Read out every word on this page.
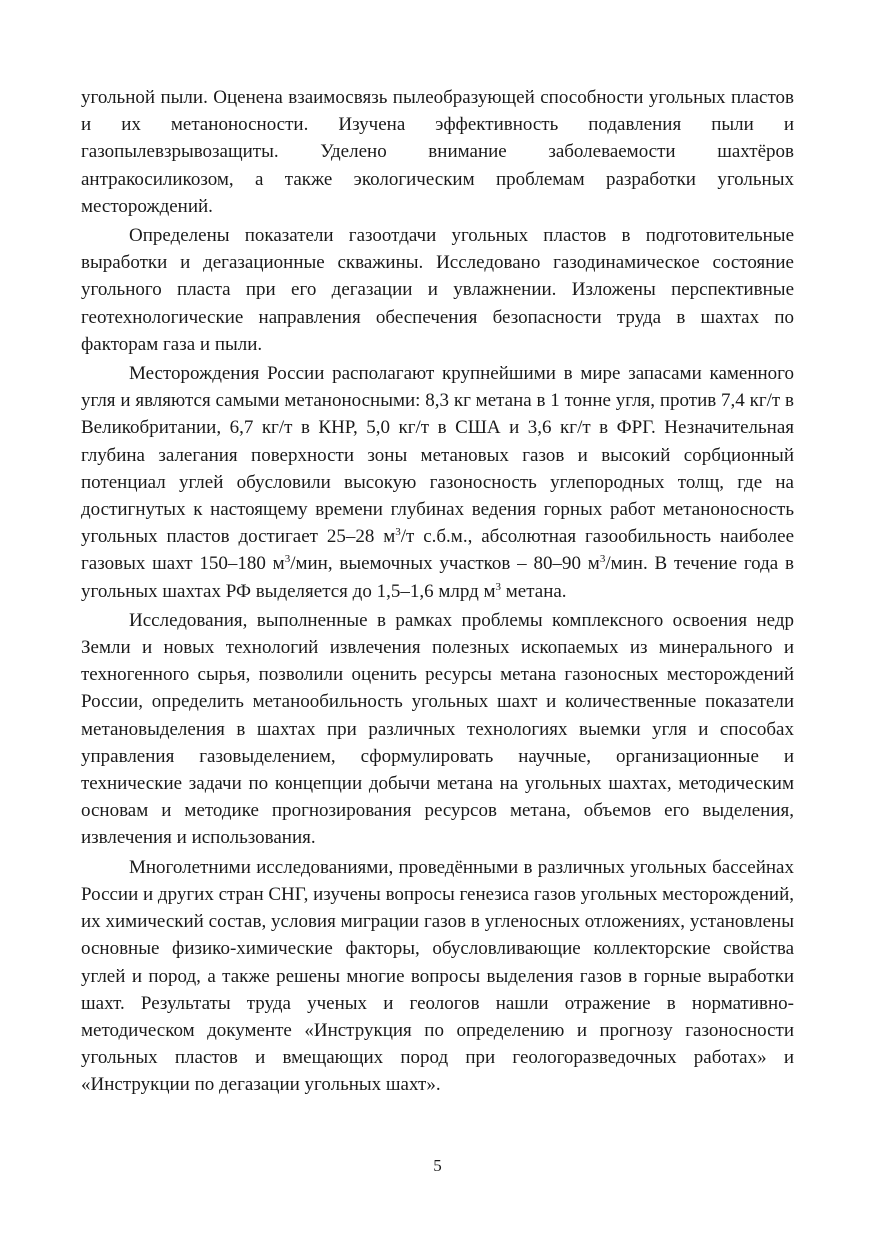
угольной пыли. Оценена взаимосвязь пылеобразующей способности угольных пластов и их метаноносности. Изучена эффективность подавления пыли и газопылевзрывозащиты. Уделено внимание заболеваемости шахтёров антракосиликозом, а также экологическим проблемам разработки угольных месторождений.

Определены показатели газоотдачи угольных пластов в подготовительные выработки и дегазационные скважины. Исследовано газодинамическое состояние угольного пласта при его дегазации и увлажнении. Изложены перспективные геотехнологические направления обеспечения безопасности труда в шахтах по факторам газа и пыли.

Месторождения России располагают крупнейшими в мире запасами каменного угля и являются самыми метаноносными: 8,3 кг метана в 1 тонне угля, против 7,4 кг/т в Великобритании, 6,7 кг/т в КНР, 5,0 кг/т в США и 3,6 кг/т в ФРГ. Незначительная глубина залегания поверхности зоны метановых газов и высокий сорбционный потенциал углей обусловили высокую газоносность углепородных толщ, где на достигнутых к настоящему времени глубинах ведения горных работ метаноносность угольных пластов достигает 25–28 $м^3/т$ с.б.м., абсолютная газообильность наиболее газовых шахт 150–180 $м^3$/мин, выемочных участков – 80–90 $м^3$/мин. В течение года в угольных шахтах РФ выделяется до 1,5–1,6 млрд $м^3$ метана.

Исследования, выполненные в рамках проблемы комплексного освоения недр Земли и новых технологий извлечения полезных ископаемых из минерального и техногенного сырья, позволили оценить ресурсы метана газоносных месторождений России, определить метанообильность угольных шахт и количественные показатели метановыделения в шахтах при различных технологиях выемки угля и способах управления газовыделением, сформулировать научные, организационные и технические задачи по концепции добычи метана на угольных шахтах, методическим основам и методике прогнозирования ресурсов метана, объемов его выделения, извлечения и использования.

Многолетними исследованиями, проведёнными в различных угольных бассейнах России и других стран СНГ, изучены вопросы генезиса газов угольных месторождений, их химический состав, условия миграции газов в угленосных отложениях, установлены основные физико-химические факторы, обусловливающие коллекторские свойства углей и пород, а также решены многие вопросы выделения газов в горные выработки шахт. Результаты труда ученых и геологов нашли отражение в нормативно-методическом документе «Инструкция по определению и прогнозу газоносности угольных пластов и вмещающих пород при геологоразведочных работах» и «Инструкции по дегазации угольных шахт».

5
